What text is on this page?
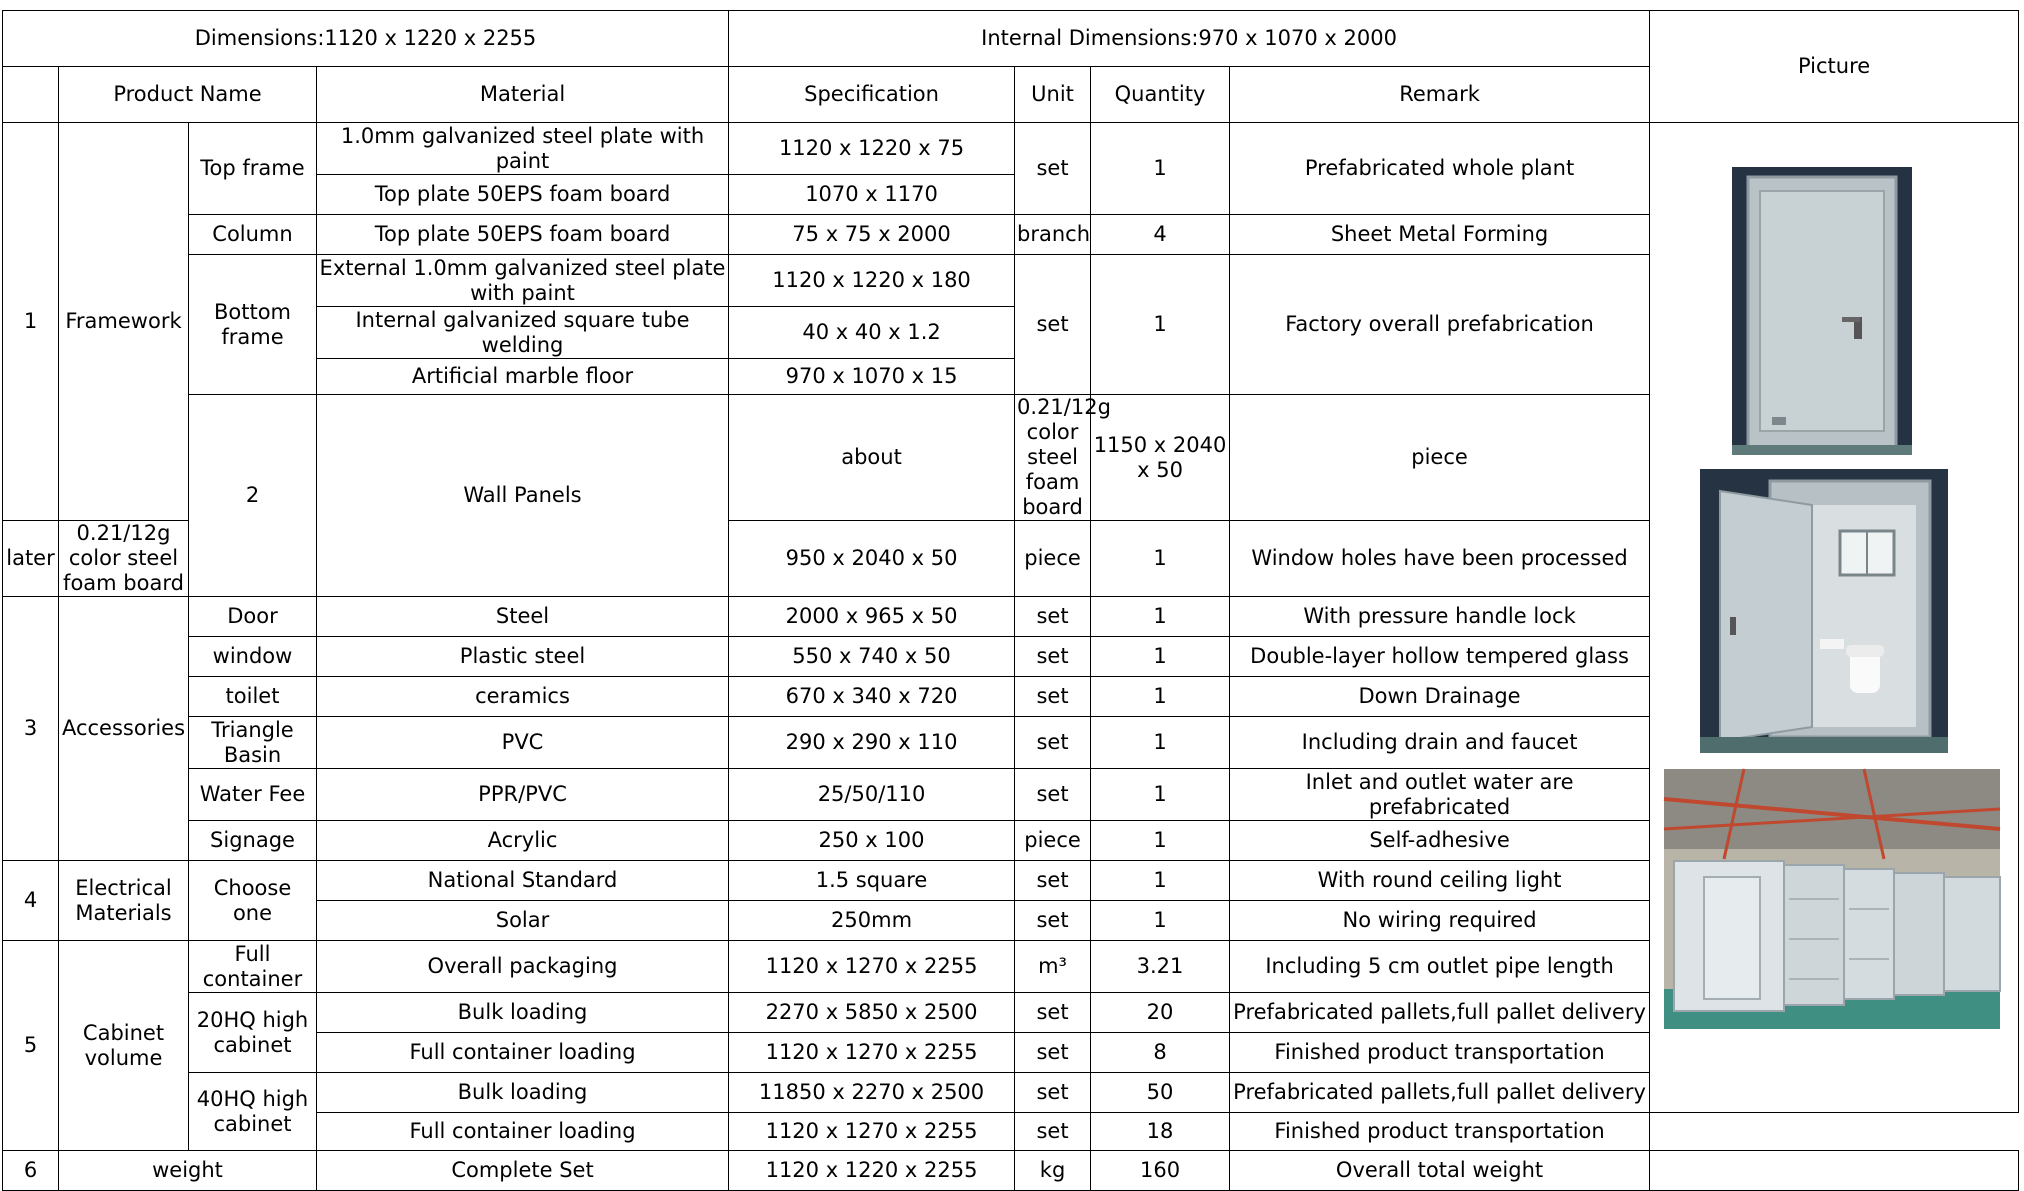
Dimensions:1120 x 1220 x 2255				Internal Dimensions:970 x 1070 x 2000				Picture	
	Product Name		Material	Specification	Unit	Quantity	Remark		
1	Framework	Top frame	1.0mm galvanized steel plate with paint	1120 x 1220 x 75	set	1	Prefabricated whole plant	

			Top plate 50EPS foam board	1070 x 1170					
		Column	Top plate 50EPS foam board	75 x 75 x 2000	branch	4	Sheet Metal Forming		
		Bottom frame	External 1.0mm galvanized steel plate with paint	1120 x 1220 x 180	set	1	Factory overall prefabrication		
			Internal galvanized square tube welding	40 x 40 x 1.2					
			Artificial marble floor	970 x 1070 x 15					
		2	Wall Panels	about	0.21/12g color steel foam board	1150 x 2040 x 50	piece		
later	0.21/12g color steel foam board			950 x 2040 x 50	piece	1	Window holes have been processed		
3	Accessories	Door	Steel	2000 x 965 x 50	set	1	With pressure handle lock		
		window	Plastic steel	550 x 740 x 50	set	1	Double-layer hollow tempered glass		
		toilet	ceramics	670 x 340 x 720	set	1	Down Drainage		
		Triangle Basin	PVC	290 x 290 x 110	set	1	Including drain and faucet		
		Water Fee	PPR/PVC	25/50/110	set	1	Inlet and outlet water are prefabricated		
		Signage	Acrylic	250 x 100	piece	1	Self-adhesive		
4	Electrical Materials	Choose one	National Standard	1.5 square	set	1	With round ceiling light		
			Solar	250mm	set	1	No wiring required		
5	Cabinet volume	Full container	Overall packaging	1120 x 1270 x 2255	m³	3.21	Including 5 cm outlet pipe length		
		20HQ high cabinet	Bulk loading	2270 x 5850 x 2500	set	20	Prefabricated pallets,full pallet delivery		
			Full container loading	1120 x 1270 x 2255	set	8	Finished product transportation		
		40HQ high cabinet	Bulk loading	11850 x 2270 x 2500	set	50	Prefabricated pallets,full pallet delivery		
			Full container loading	1120 x 1270 x 2255	set	18	Finished product transportation		
6	weight		Complete Set	1120 x 1220 x 2255	kg	160	Overall total weight		
